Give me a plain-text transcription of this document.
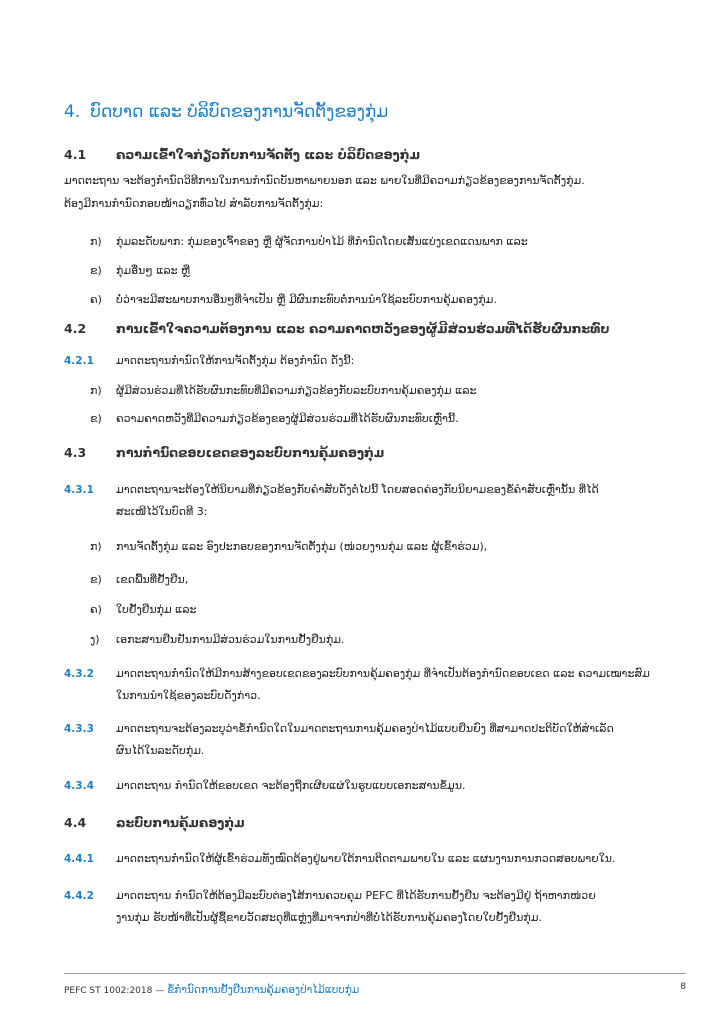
4. ບົດບາດ ແລະ ບໍລິບົດຂອງການຈັດຕັ້ງຂອງກຸ່ມ
4.1 ຄວາມເຂົ້າໃຈກ່ຽວກັບການຈັດຕັ້ງ ແລະ ບໍລິບົດຂອງກຸ່ມ
ມາດຕະຖານ ຈະຕ້ອງກໍານົດວິທີການໃນການກໍານົດບັນຫາພາຍນອກ ແລະ ພາຍໃນທີ່ມີຄວາມກ່ຽວຂ້ອງຂອງການຈັດຕັ້ງກຸ່ມ.
ຕ້ອງມີການກໍານົດກອບໜ້າວຽກທົ່ວໄປ ສໍາລັບການຈັດຕັ້ງກຸ່ມ:
ກ) ກຸ່ມລະດັບພາກ: ກຸ່ມຂອງເຈົ້າຂອງ ຫຼື ຜູ້ຈັດການປ່າໄມ້ ທີ່ກໍານົດໂດຍເສັ້ນແບ່ງເຂດແດນພາກ ແລະ
ຂ) ກຸ່ມອື່ນໆ ແລະ ຫຼື
ຄ) ບໍ່ວ່າຈະມີສະພາບການອື່ນໆທີ່ຈໍາເປັນ ຫຼື ມີຜົນກະທົບຕໍ່ການນໍາໃຊ້ລະບົບການຄຸ້ມຄອງກຸ່ມ.
4.2 ການເຂົ້າໃຈຄວາມຕ້ອງການ ແລະ ຄວາມຄາດຫວັງຂອງຜູ້ມີສ່ວນຮ່ວມທີ່ໄດ້ຮັບຜົນກະທົບ
4.2.1	ມາດຕະຖານກໍານົດໃຫ້ການຈັດຕັ້ງກຸ່ມ ຕ້ອງກໍານົດ ດັ່ງນີ້:
ກ) ຜູ້ມີສ່ວນຮ່ວມທີ່ໄດ້ຮັບຜົນກະທົບທີ່ມີຄວາມກ່ຽວຂ້ອງກັບລະບົບການຄຸ້ມຄອງກຸ່ມ ແລະ
ຂ) ຄວາມຄາດຫວັງທີ່ມີຄວາມກ່ຽວຂ້ອງຂອງຜູ້ມີສ່ວນຮ່ວມທີ່ໄດ້ຮັບຜົນກະທົບເຫຼົ່ານີ້.
4.3 ການກໍານົດຂອບເຂດຂອງລະບົບການຄຸ້ມຄອງກຸ່ມ
4.3.1	ມາດຕະຖານຈະຕ້ອງໃຫ້ນິຍາມທີ່ກ່ຽວຂ້ອງກັບຄໍາສັບດັ່ງຕໍ່ໄປນີ້ ໂດຍສອດຄ່ອງກັບນິຍາມຂອງຂໍ້ຄໍາສັບເຫຼົ່ານັ້ນ ທີ່ໄດ້
ສະເໜີໄວ້ໃນບົດທີ 3:
ກ) ການຈັດຕັ້ງກຸ່ມ ແລະ ອົງປະກອບຂອງການຈັດຕັ້ງກຸ່ມ (ໜ່ວຍງານກຸ່ມ ແລະ ຜູ້ເຂົ້າຮ່ວມ),
ຂ) ເຂດພື້ນທີ່ຢັ້ງຢືນ,
ຄ) ໃບຢັ້ງຢືນກຸ່ມ ແລະ
ງ) ເອກະສານຢືນຢັນການມີສ່ວນຮ່ວມໃນການຢັ້ງຢືນກຸ່ມ.
4.3.2	ມາດຕະຖານກໍານົດໃຫ້ມີການສ້າງຂອບເຂດຂອງລະບົບການຄຸ້ມຄອງກຸ່ມ ທີ່ຈໍາເປັນຕ້ອງກໍານົດຂອບເຂດ ແລະ ຄວາມເໝາະສົມ
ໃນການນໍາໃຊ້ຂອງລະບົບດັ່ງກ່າວ.
4.3.3	ມາດຕະຖານຈະຕ້ອງລະບຸວ່າຂໍ້ກໍານົດໃດໃນມາດຕະຖານການຄຸ້ມຄອງປ່າໄມ້ແບບຍືນຍົງ ທີ່ສາມາດປະຕິບັດໃຫ້ສໍາເລັດ
ຜົນໄດ້ໃນລະດັບກຸ່ມ.
4.3.4	ມາດຕະຖານ ກໍານົດໃຫ້ຂອບເຂດ ຈະຕ້ອງຖືກເຜີຍແຜ່ໃນຮູບແບບເອກະສານຂໍ້ມູນ.
4.4 ລະບົບການຄຸ້ມຄອງກຸ່ມ
4.4.1	ມາດຕະຖານກໍານົດໃຫ້ຜູ້ເຂົ້າຮ່ວມທັງໝົດຕ້ອງຢູ່ພາຍໃຕ້ການຕິດຕາມພາຍໃນ ແລະ ແຜນງານການກວດສອບພາຍໃນ.
4.4.2	ມາດຕະຖານ ກໍານົດໃຫ້ຕ້ອງມີລະບົບຕ່ອງໂສ້ການຄວບຄຸມ PEFC ທີ່ໄດ້ຮັບການຢັ້ງຢືນ ຈະຕ້ອງມີຢູ່ ຖ້າຫາກໜ່ວຍ
ງານກຸ່ມ ຮັບໜ້າທີ່ເປັນຜູ້ຊື້ຂາຍວັດສະດຸທີ່ແຫຼ່ງທີ່ມາຈາກປ່າທີ່ບໍ່ໄດ້ຮັບການຄຸ້ມຄອງໂດຍໃບຢັ້ງຢືນກຸ່ມ.
PEFC ST 1002:2018 — ຂໍ້ກໍານົດການຢັ້ງຢືນການຄຸ້ມຄອງປ່າໄມ້ແບບກຸ່ມ	8
